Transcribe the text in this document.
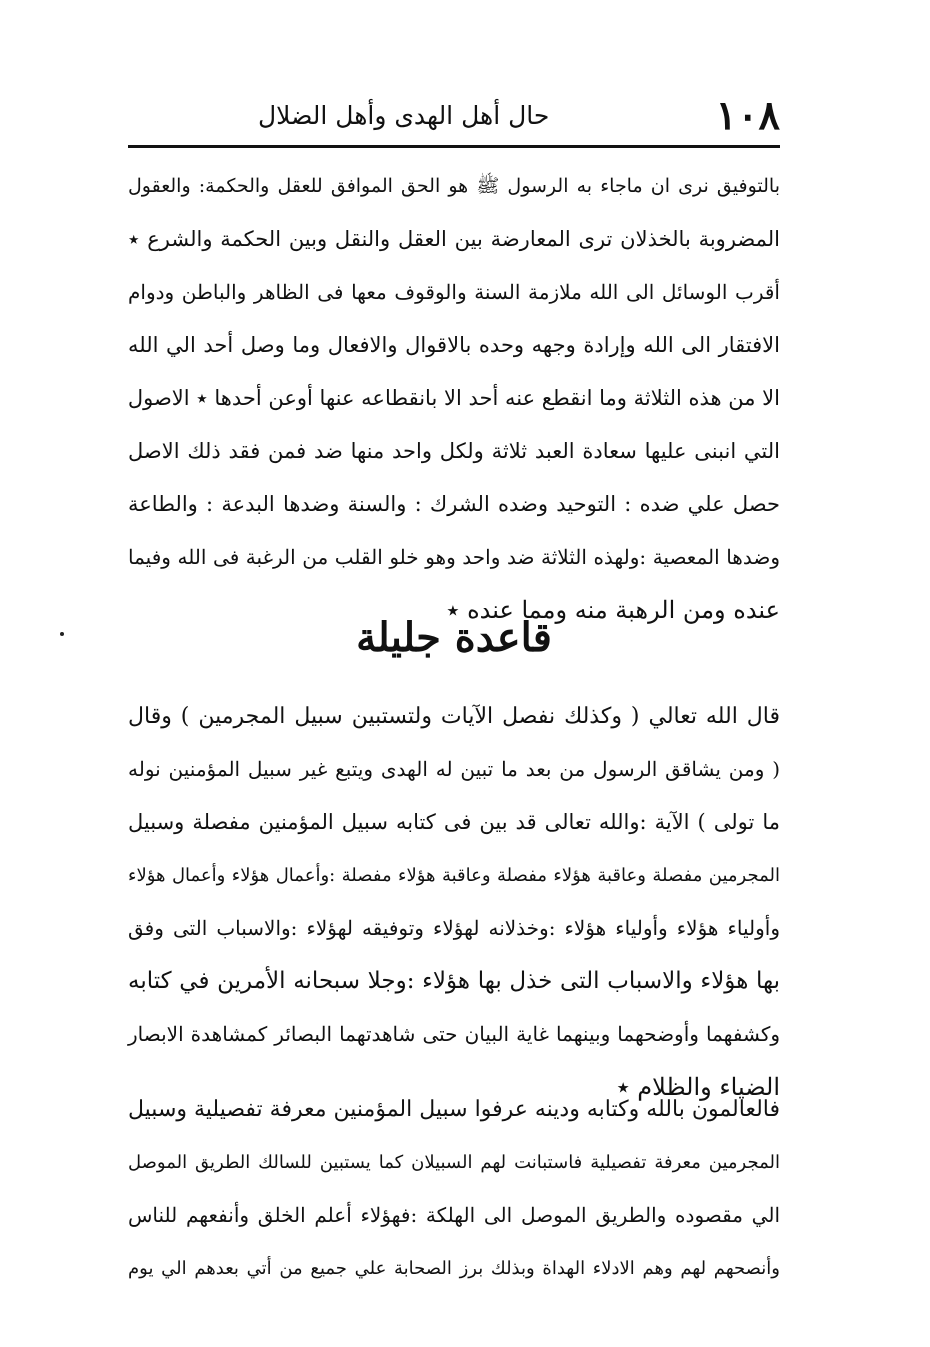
١٠٨
حال أهل الهدى وأهل الضلال
بالتوفيق نرى ان ماجاء به الرسول ﷺ هو الحق الموافق للعقل والحكمة: والعقول
المضروبة بالخذلان ترى المعارضة بين العقل والنقل وبين الحكمة والشرع ٭
أقرب الوسائل الى الله ملازمة السنة والوقوف معها فى الظاهر والباطن ودوام
الافتقار الى الله وإرادة وجهه وحده بالاقوال والافعال وما وصل أحد الي الله
الا من هذه الثلاثة وما انقطع عنه أحد الا بانقطاعه عنها أوعن أحدها ٭ الاصول
التي انبنى عليها سعادة العبد ثلاثة ولكل واحد منها ضد فمن فقد ذلك الاصل
حصل علي ضده : التوحيد وضده الشرك : والسنة وضدها البدعة : والطاعة
وضدها المعصية :ولهذه الثلاثة ضد واحد وهو خلو القلب من الرغبة فى الله وفيما
عنده ومن الرهبة منه ومما عنده ٭
قاعدة جليلة
قال الله تعالي ( وكذلك نفصل الآيات ولتستبين سبيل المجرمين ) وقال
( ومن يشاقق الرسول من بعد ما تبين له الهدى ويتبع غير سبيل المؤمنين نوله
ما تولى ) الآية :والله تعالى قد بين فى كتابه سبيل المؤمنين مفصلة وسبيل
المجرمين مفصلة وعاقبة هؤلاء مفصلة وعاقبة هؤلاء مفصلة :وأعمال هؤلاء وأعمال هؤلاء
وأولياء هؤلاء وأولياء هؤلاء :وخذلانه لهؤلاء وتوفيقه لهؤلاء :والاسباب التى وفق
بها هؤلاء والاسباب التى خذل بها هؤلاء :وجلا سبحانه الأمرين في كتابه
وكشفهما وأوضحهما وبينهما غاية البيان حتى شاهدتهما البصائر كمشاهدة الابصار
الضياء والظلام ٭
فالعالمون بالله وكتابه ودينه عرفوا سبيل المؤمنين معرفة تفصيلية وسبيل
المجرمين معرفة تفصيلية فاستبانت لهم السبيلان كما يستبين للسالك الطريق الموصل
الي مقصوده والطريق الموصل الى الهلكة :فهؤلاء أعلم الخلق وأنفعهم للناس
وأنصحهم لهم وهم الادلاء الهداة وبذلك برز الصحابة علي جميع من أتي بعدهم الي يوم
